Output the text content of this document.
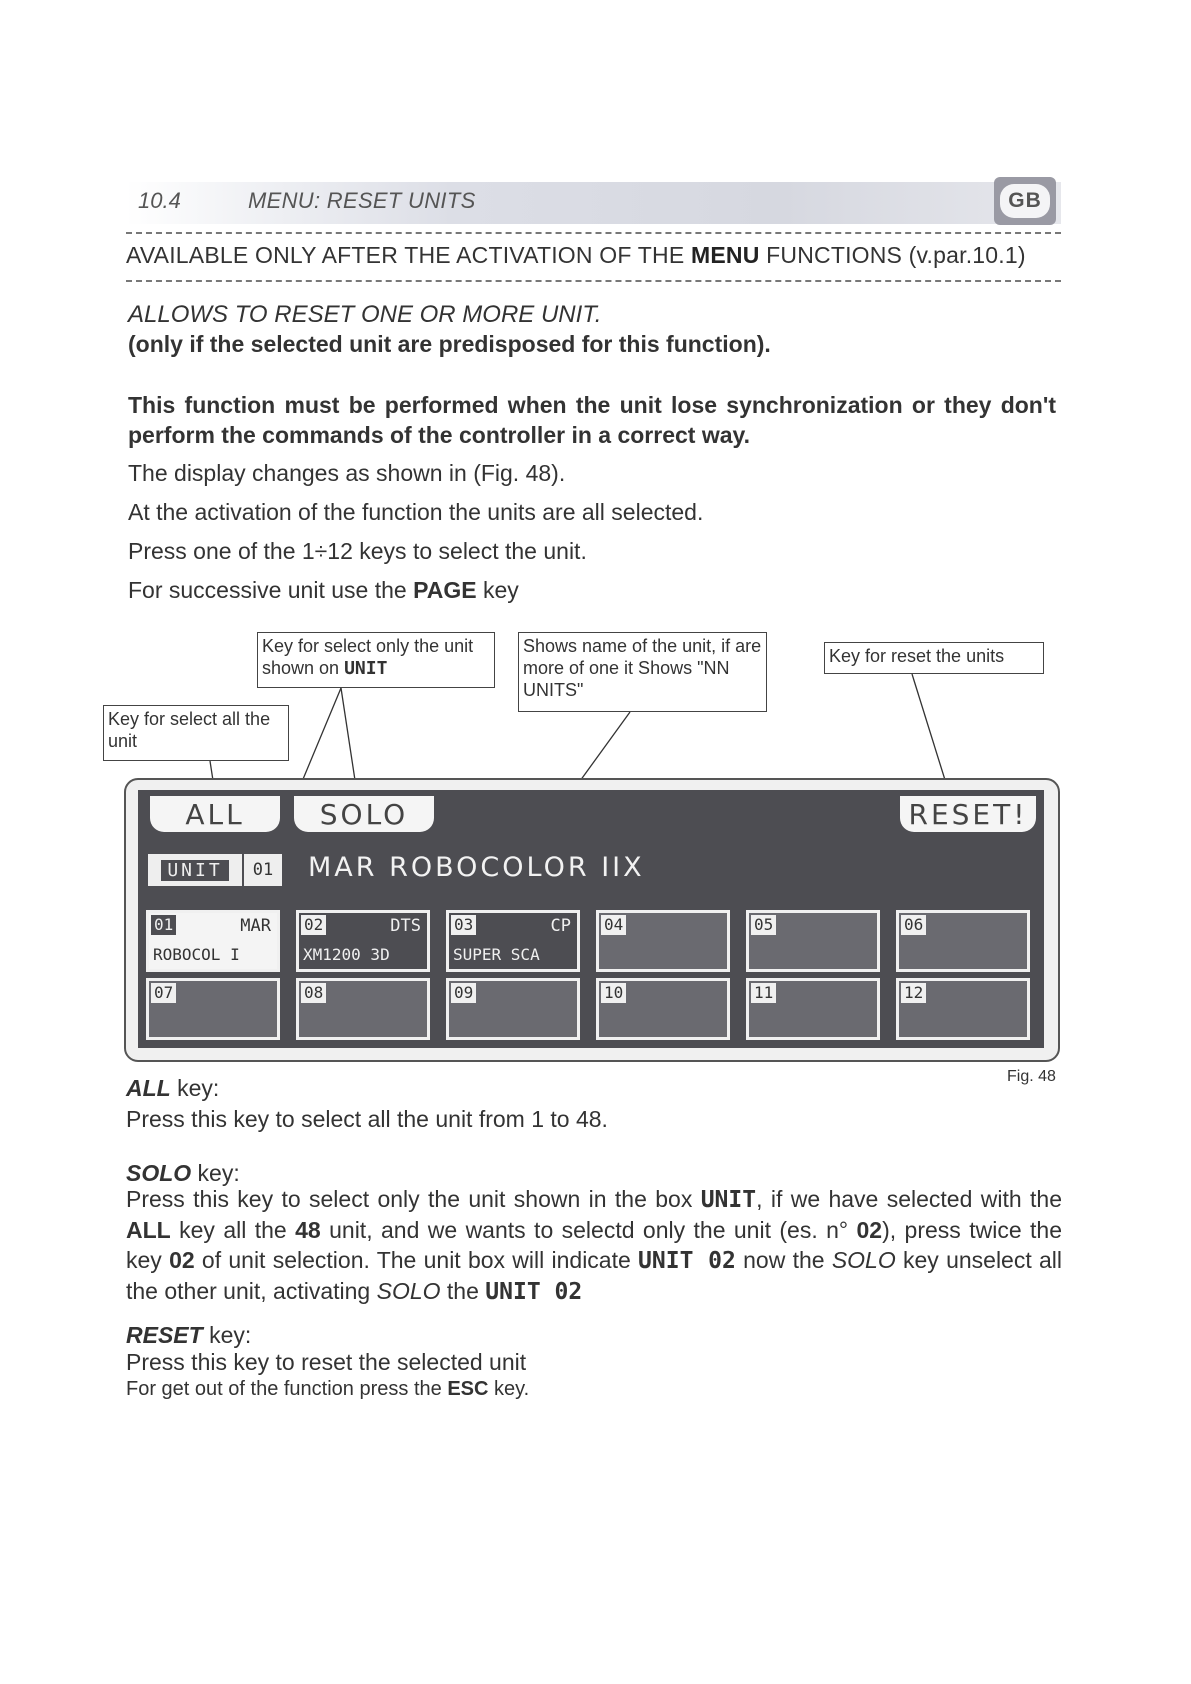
10.4	MENU: RESET UNITS	GB
AVAILABLE ONLY AFTER THE ACTIVATION OF THE MENU FUNCTIONS (v.par.10.1)
ALLOWS TO RESET ONE OR MORE UNIT.
(only if the selected unit are predisposed for this function).
This function must be performed when the unit lose synchronization or they don't perform the commands of the controller in a correct way.
The display changes as shown in (Fig. 48).
At the activation of the function the units are all selected.
Press one of the 1÷12 keys to select the unit.
For successive unit use the PAGE key
Key for select all the unit
Key for select only the unit shown on UNIT
Shows name of the unit, if are more of one it Shows "NN UNITS"
Key for reset the units
ALL	SOLO	RESET!
UNIT	01	MAR ROBOCOLOR IIX
01	MAR
ROBOCOL I
02	DTS
XM1200 3D
03	CP
SUPER SCA
04	05	06
07	08	09	10	11	12
Fig. 48
ALL key:
Press this key to select all the unit from 1 to 48.
SOLO key:
Press this key to select only the unit shown in the box UNIT, if we have selected with the ALL key all the 48 unit, and we wants to selectd only the unit (es. n° 02), press twice the key 02 of unit selection. The unit box will indicate UNIT 02 now the SOLO key unselect all the other unit, activating SOLO the UNIT 02
RESET key:
Press this key to reset the selected unit
For get out of the function press the ESC key.
